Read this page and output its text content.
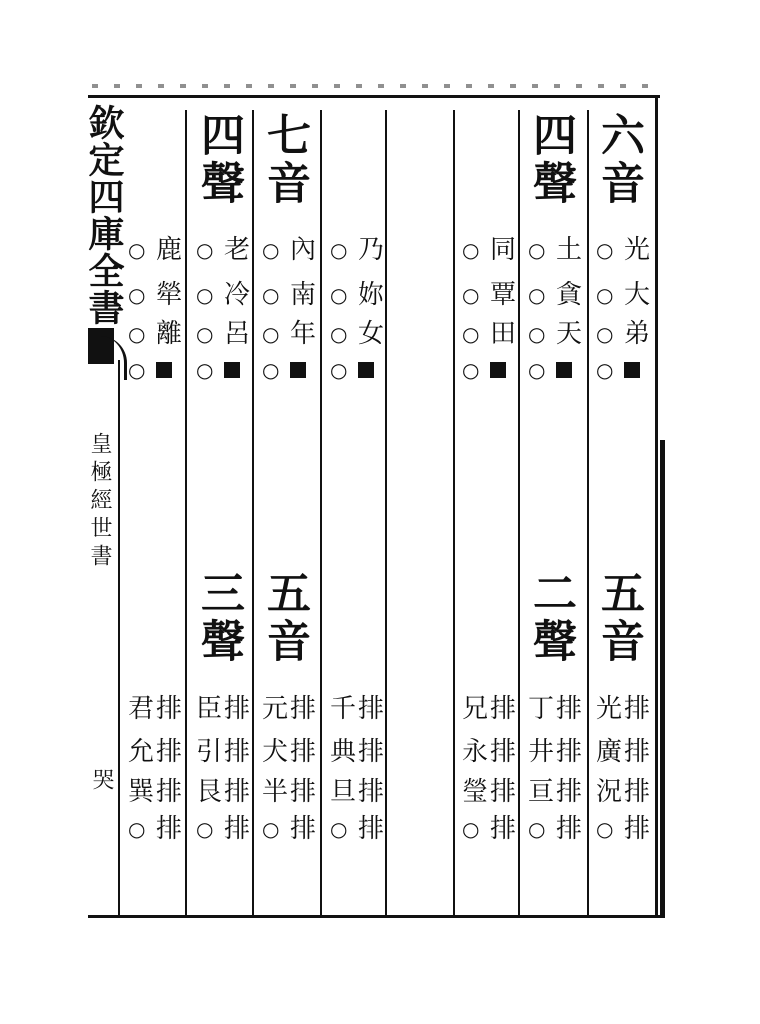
欽定四庫全書
皇極經世書
哭
六音
五音
四聲
二聲
七音
五音
四聲
三聲
光
○
大
○
弟
○
○
排
光
排
廣
排
況
排
○
土
○
貪
○
天
○
○
排
丁
排
井
排
亘
排
○
同
○
覃
○
田
○
○
排
兄
排
永
排
瑩
排
○
乃
○
妳
○
女
○
○
排
千
排
典
排
旦
排
○
內
○
南
○
年
○
○
排
元
排
犬
排
半
排
○
老
○
冷
○
呂
○
○
排
臣
排
引
排
艮
排
○
鹿
○
犖
○
離
○
○
排
君
排
允
排
巽
排
○
